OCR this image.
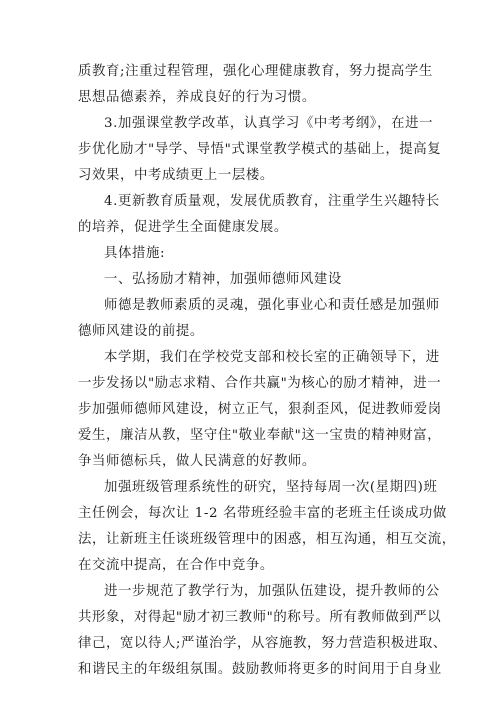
质教育;注重过程管理，强化心理健康教育，努力提高学生
思想品德素养，养成良好的行为习惯。
3.加强课堂教学改革，认真学习《中考考纲》，在进一
步优化励才"导学、导悟"式课堂教学模式的基础上，提高复
习效果，中考成绩更上一层楼。
4.更新教育质量观，发展优质教育，注重学生兴趣特长
的培养，促进学生全面健康发展。
具体措施:
一、弘扬励才精神，加强师德师风建设
师德是教师素质的灵魂，强化事业心和责任感是加强师
德师风建设的前提。
本学期，我们在学校党支部和校长室的正确领导下，进
一步发扬以"励志求精、合作共赢"为核心的励才精神，进一
步加强师德师风建设，树立正气，狠刹歪风，促进教师爱岗
爱生，廉洁从教，坚守住"敬业奉献"这一宝贵的精神财富，
争当师德标兵，做人民满意的好教师。
加强班级管理系统性的研究，坚持每周一次(星期四)班
主任例会，每次让 1-2 名带班经验丰富的老班主任谈成功做
法，让新班主任谈班级管理中的困惑，相互沟通，相互交流，
在交流中提高，在合作中竞争。
进一步规范了教学行为，加强队伍建设，提升教师的公
共形象，对得起"励才初三教师"的称号。所有教师做到严以
律己，宽以待人;严谨治学，从容施教，努力营造积极进取、
和谐民主的年级组氛围。鼓励教师将更多的时间用于自身业
